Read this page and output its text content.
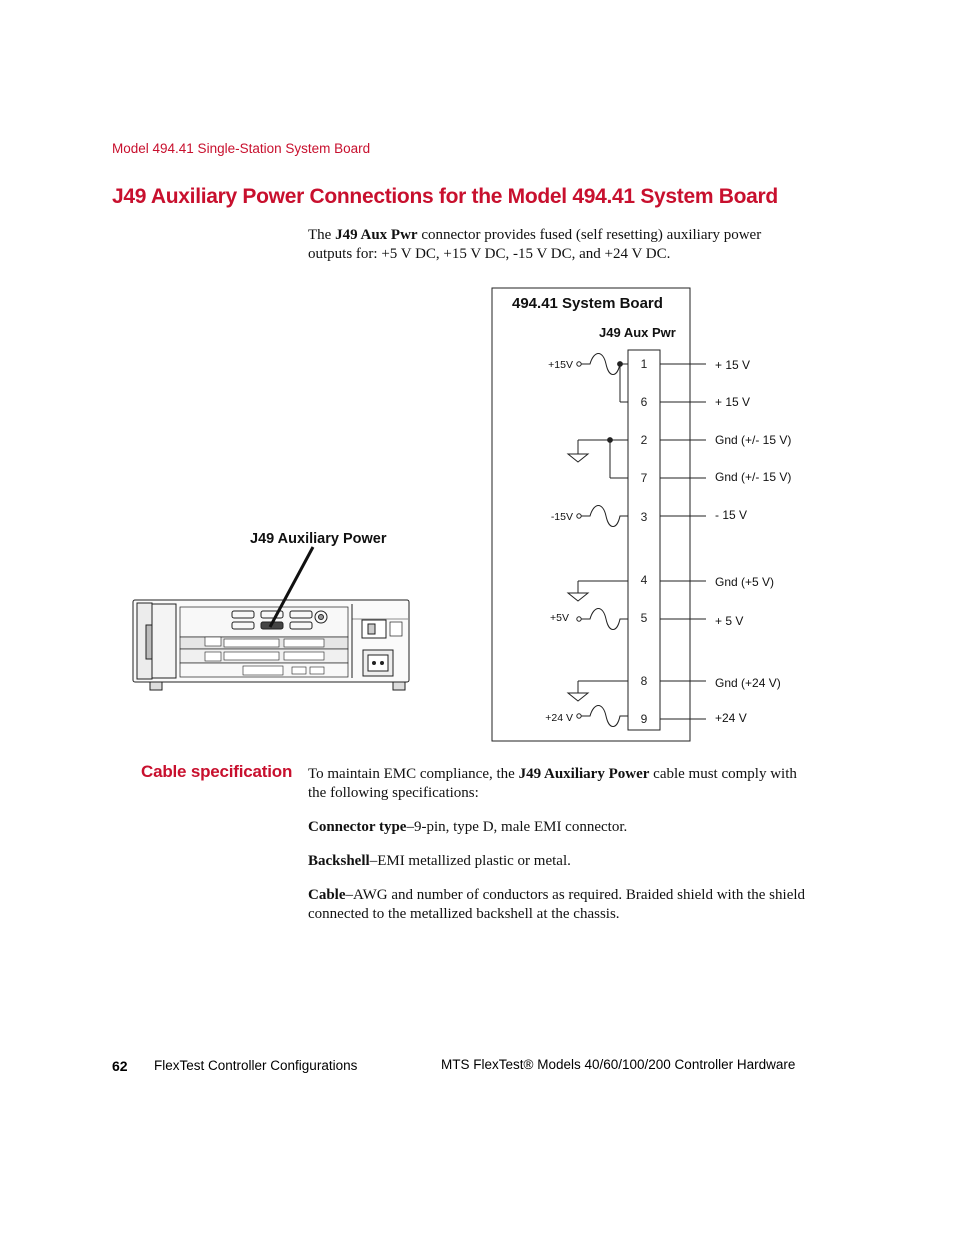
Model 494.41 Single-Station System Board
J49 Auxiliary Power Connections for the Model 494.41 System Board
The J49 Aux Pwr connector provides fused (self resetting) auxiliary power outputs for: +5 V DC, +15 V DC, -15 V DC, and +24 V DC.
J49 Auxiliary Power
494.41 System Board
J49 Aux Pwr
1
6
2
7
3
4
5
8
9
+ 15 V
+ 15 V
Gnd (+/- 15 V)
Gnd (+/- 15 V)
- 15 V
Gnd (+5 V)
+ 5 V
Gnd (+24 V)
+24 V
+15V
-15V
+5V
+24 V
Cable specification To maintain EMC compliance, the J49 Auxiliary Power cable must comply with the following specifications:

Connector type–9-pin, type D, male EMI connector.

Backshell–EMI metallized plastic or metal.

Cable–AWG and number of conductors as required. Braided shield with the shield connected to the metallized backshell at the chassis.

62 FlexTest Controller Configurations	MTS FlexTest® Models 40/60/100/200 Controller Hardware
